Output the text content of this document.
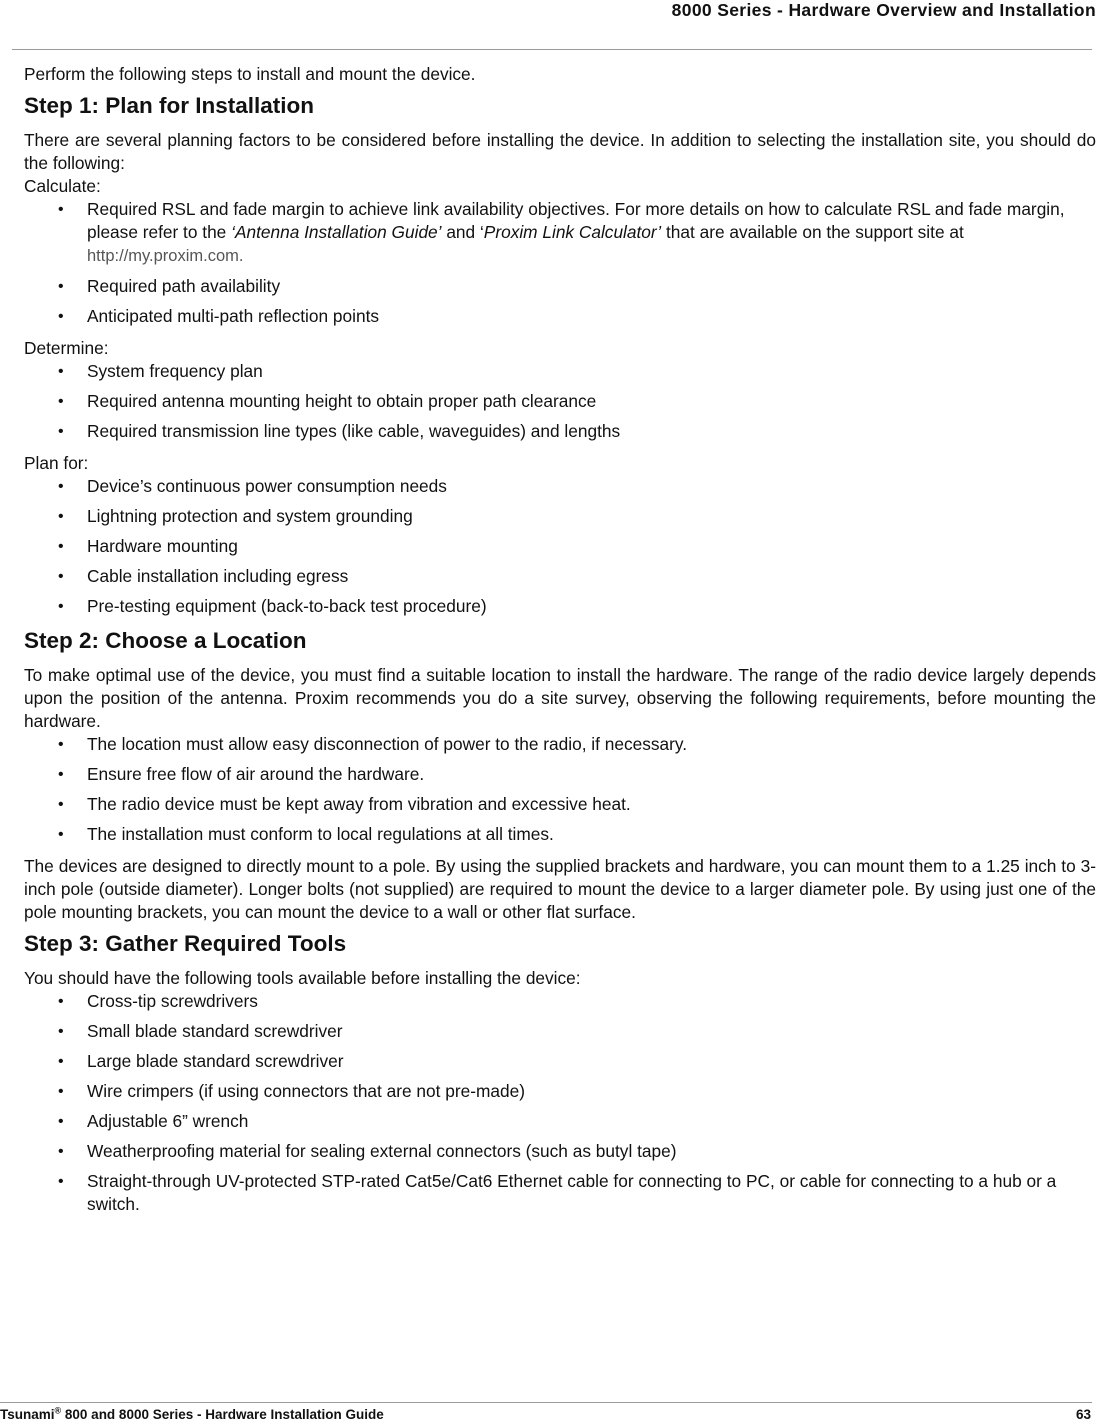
8000 Series - Hardware Overview and Installation

Perform the following steps to install and mount the device.

Step 1: Plan for Installation

There are several planning factors to be considered before installing the device. In addition to selecting the installation site, you should do the following:

Calculate:

• Required RSL and fade margin to achieve link availability objectives. For more details on how to calculate RSL and fade margin, please refer to the ‘Antenna Installation Guide’ and ‘Proxim Link Calculator’ that are available on the support site at http://my.proxim.com.
• Required path availability
• Anticipated multi-path reflection points

Determine:

• System frequency plan
• Required antenna mounting height to obtain proper path clearance
• Required transmission line types (like cable, waveguides) and lengths

Plan for:

• Device’s continuous power consumption needs
• Lightning protection and system grounding
• Hardware mounting
• Cable installation including egress
• Pre-testing equipment (back-to-back test procedure)
Step 2: Choose a Location

To make optimal use of the device, you must find a suitable location to install the hardware. The range of the radio device largely depends upon the position of the antenna. Proxim recommends you do a site survey, observing the following requirements, before mounting the hardware.

• The location must allow easy disconnection of power to the radio, if necessary.
• Ensure free flow of air around the hardware.
• The radio device must be kept away from vibration and excessive heat.
• The installation must conform to local regulations at all times.

The devices are designed to directly mount to a pole. By using the supplied brackets and hardware, you can mount them to a 1.25 inch to 3-inch pole (outside diameter). Longer bolts (not supplied) are required to mount the device to a larger diameter pole. By using just one of the pole mounting brackets, you can mount the device to a wall or other flat surface.

Step 3: Gather Required Tools

You should have the following tools available before installing the device:

• Cross-tip screwdrivers
• Small blade standard screwdriver
• Large blade standard screwdriver
• Wire crimpers (if using connectors that are not pre-made)
• Adjustable 6” wrench
• Weatherproofing material for sealing external connectors (such as butyl tape)
• Straight-through UV-protected STP-rated Cat5e/Cat6 Ethernet cable for connecting to PC, or cable for connecting to a hub or a switch.
Tsunami® 800 and 8000 Series - Hardware Installation Guide	63
